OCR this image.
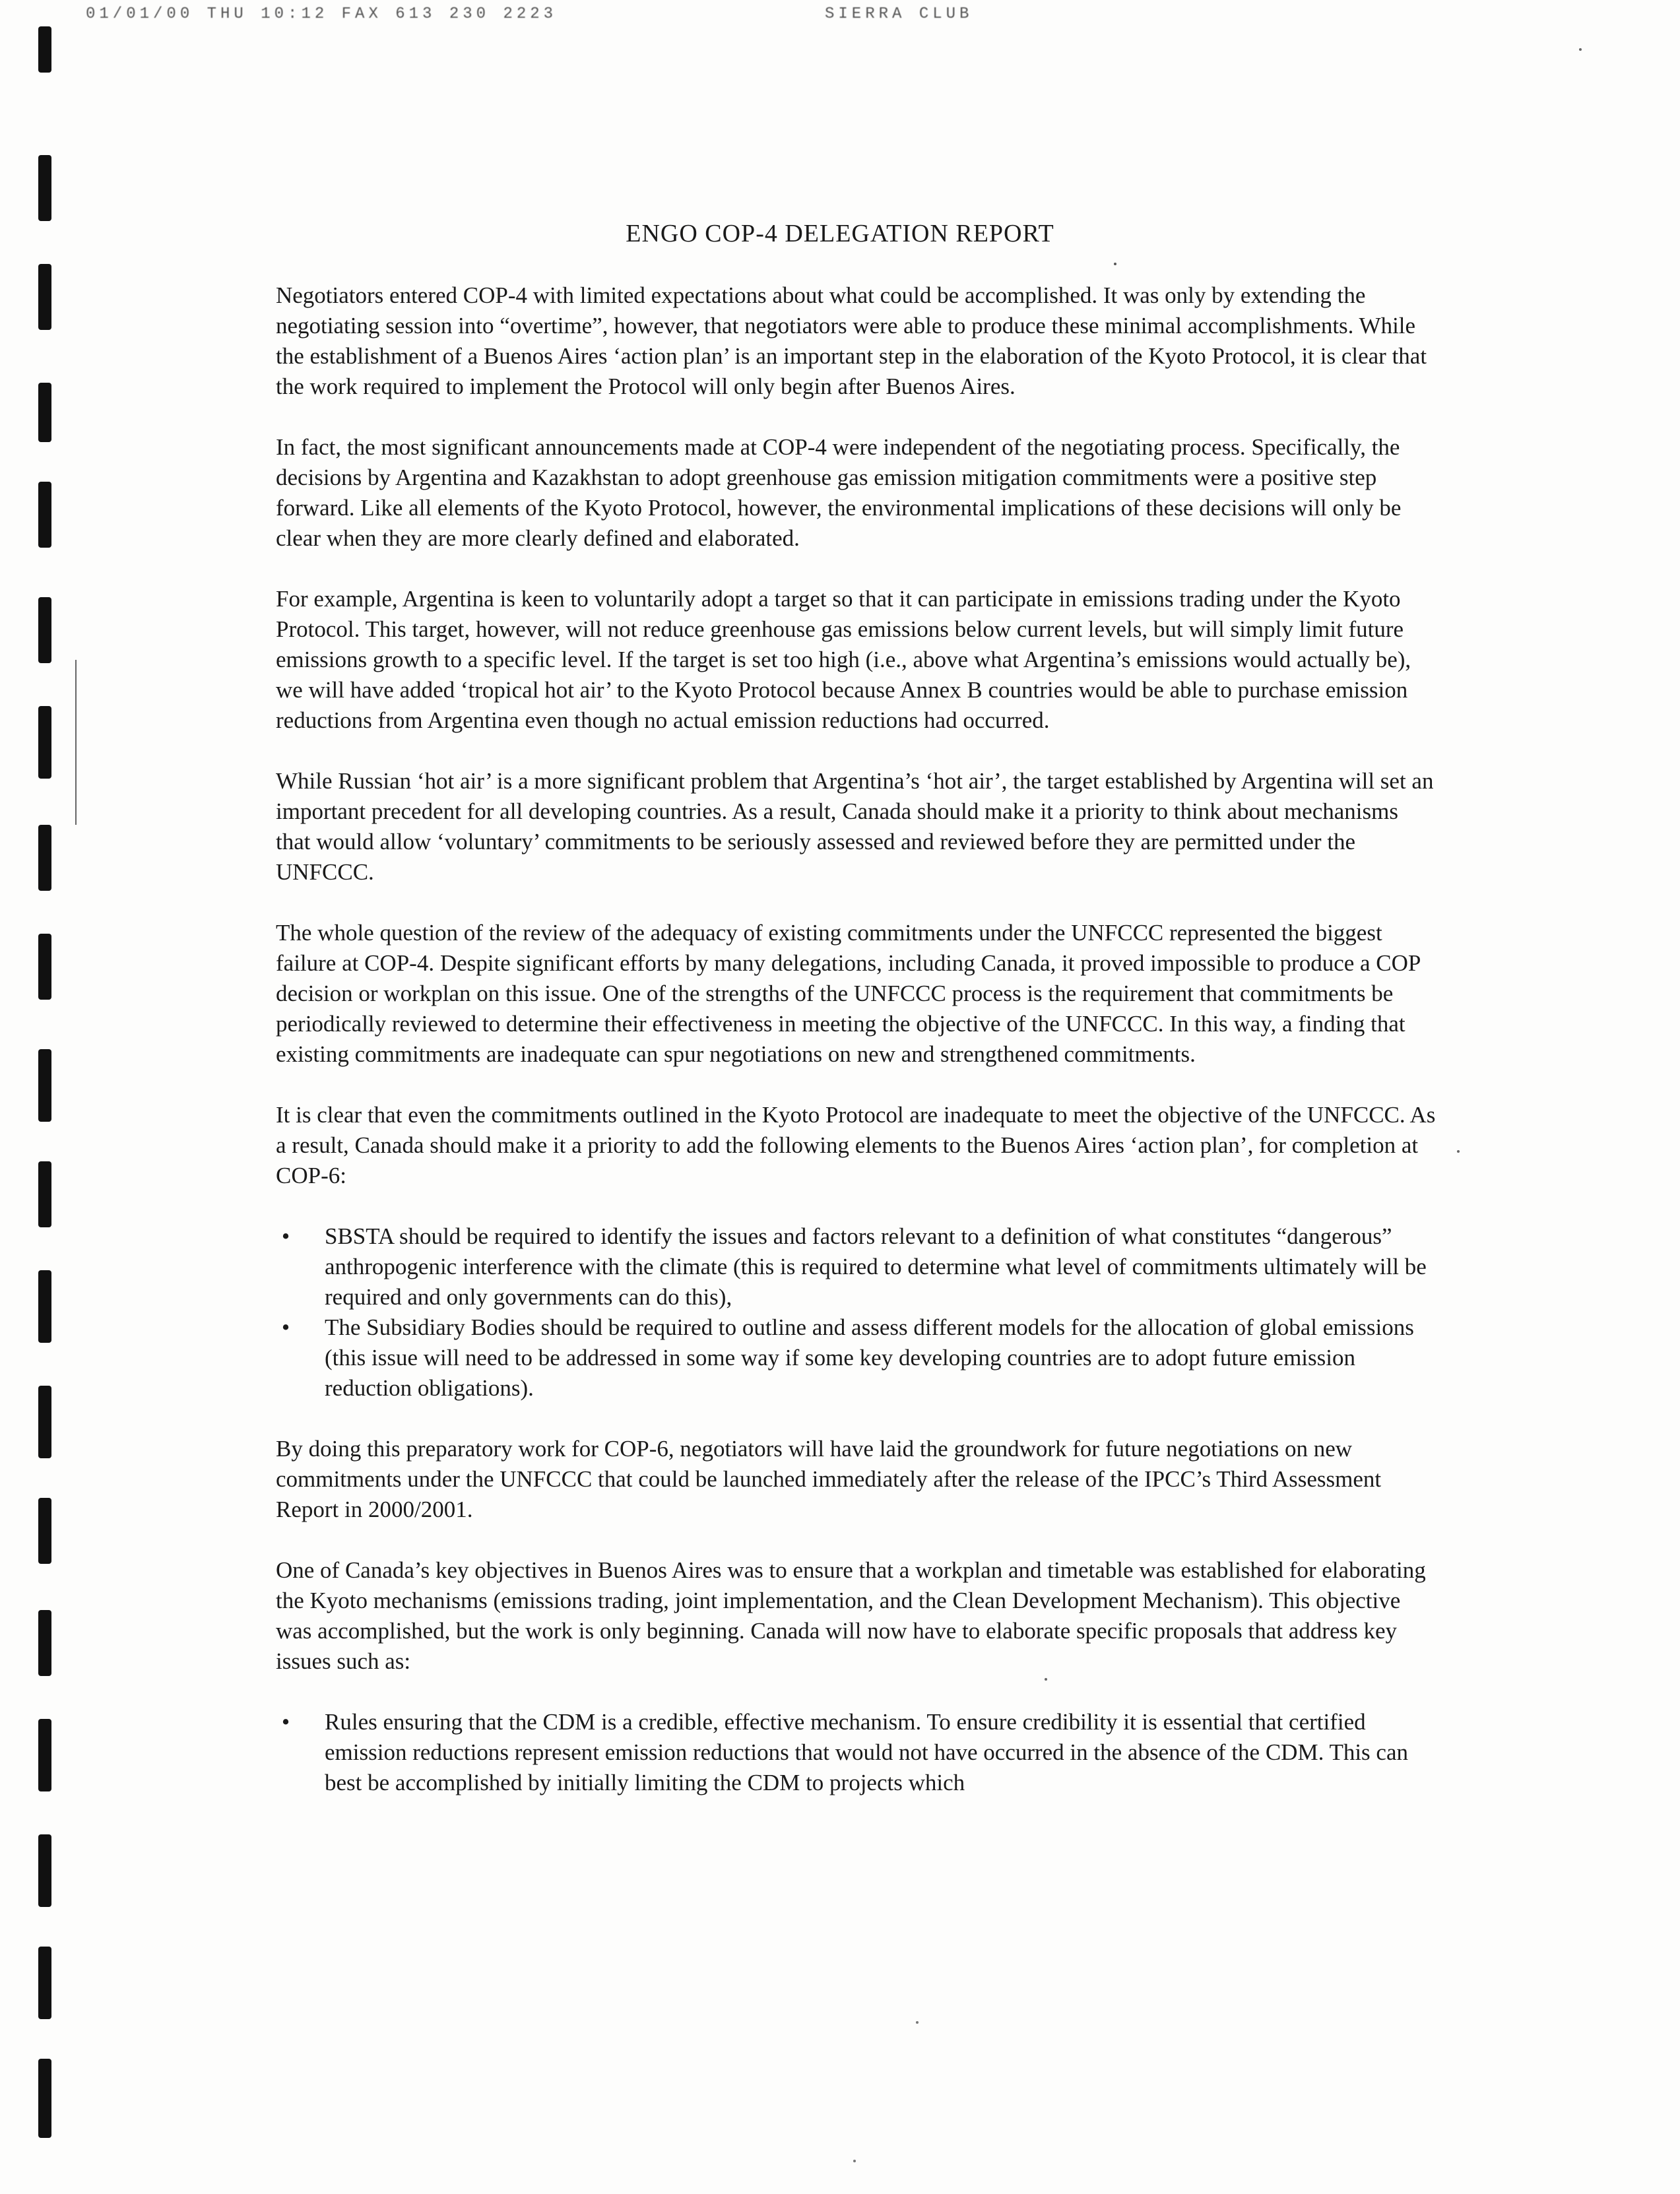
01/01/00 THU 10:12 FAX 613 230 2223	SIERRA CLUB
ENGO COP-4 DELEGATION REPORT

Negotiators entered COP-4 with limited expectations about what could be accomplished. It was only by extending the negotiating session into “overtime”, however, that negotiators were able to produce these minimal accomplishments. While the establishment of a Buenos Aires ‘action plan’ is an important step in the elaboration of the Kyoto Protocol, it is clear that the work required to implement the Protocol will only begin after Buenos Aires.

In fact, the most significant announcements made at COP-4 were independent of the negotiating process. Specifically, the decisions by Argentina and Kazakhstan to adopt greenhouse gas emission mitigation commitments were a positive step forward. Like all elements of the Kyoto Protocol, however, the environmental implications of these decisions will only be clear when they are more clearly defined and elaborated.

For example, Argentina is keen to voluntarily adopt a target so that it can participate in emissions trading under the Kyoto Protocol. This target, however, will not reduce greenhouse gas emissions below current levels, but will simply limit future emissions growth to a specific level. If the target is set too high (i.e., above what Argentina’s emissions would actually be), we will have added ‘tropical hot air’ to the Kyoto Protocol because Annex B countries would be able to purchase emission reductions from Argentina even though no actual emission reductions had occurred.

While Russian ‘hot air’ is a more significant problem that Argentina’s ‘hot air’, the target established by Argentina will set an important precedent for all developing countries. As a result, Canada should make it a priority to think about mechanisms that would allow ‘voluntary’ commitments to be seriously assessed and reviewed before they are permitted under the UNFCCC.

The whole question of the review of the adequacy of existing commitments under the UNFCCC represented the biggest failure at COP-4. Despite significant efforts by many delegations, including Canada, it proved impossible to produce a COP decision or workplan on this issue. One of the strengths of the UNFCCC process is the requirement that commitments be periodically reviewed to determine their effectiveness in meeting the objective of the UNFCCC. In this way, a finding that existing commitments are inadequate can spur negotiations on new and strengthened commitments.

It is clear that even the commitments outlined in the Kyoto Protocol are inadequate to meet the objective of the UNFCCC. As a result, Canada should make it a priority to add the following elements to the Buenos Aires ‘action plan’, for completion at COP-6:

• SBSTA should be required to identify the issues and factors relevant to a definition of what constitutes “dangerous” anthropogenic interference with the climate (this is required to determine what level of commitments ultimately will be required and only governments can do this),
• The Subsidiary Bodies should be required to outline and assess different models for the allocation of global emissions (this issue will need to be addressed in some way if some key developing countries are to adopt future emission reduction obligations).

By doing this preparatory work for COP-6, negotiators will have laid the groundwork for future negotiations on new commitments under the UNFCCC that could be launched immediately after the release of the IPCC’s Third Assessment Report in 2000/2001.

One of Canada’s key objectives in Buenos Aires was to ensure that a workplan and timetable was established for elaborating the Kyoto mechanisms (emissions trading, joint implementation, and the Clean Development Mechanism). This objective was accomplished, but the work is only beginning. Canada will now have to elaborate specific proposals that address key issues such as:

• Rules ensuring that the CDM is a credible, effective mechanism. To ensure credibility it is essential that certified emission reductions represent emission reductions that would not have occurred in the absence of the CDM. This can best be accomplished by initially limiting the CDM to projects which
